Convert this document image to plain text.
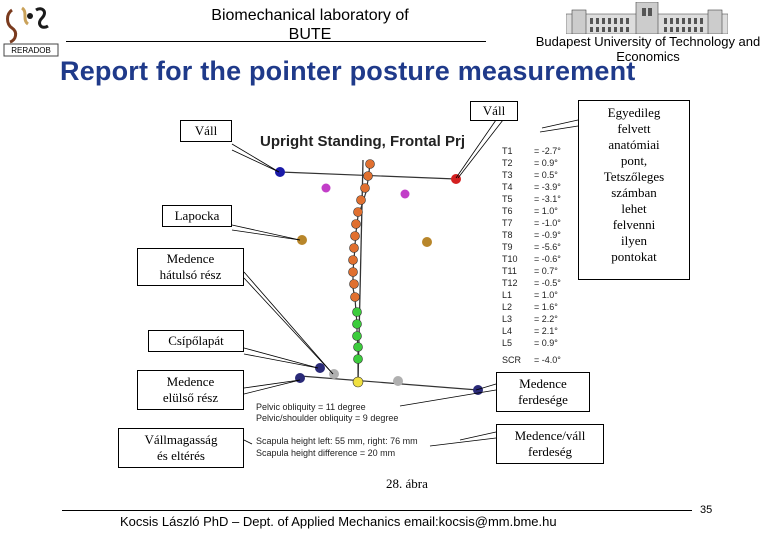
RERADOB
Biomechanical laboratory of
BUTE	Budapest University of Technology and
Economics
Report for the pointer posture measurement
Upright Standing, Frontal Prj
T1 = -2.7°
T2 = 0.9°
T3 = 0.5°
T4 = -3.9°
T5 = -3.1°
T6 = 1.0°
T7 = -1.0°
T8 = -0.9°
T9 = -5.6°
T10 = -0.6°
T11 = 0.7°
T12 = -0.5°
L1 = 1.0°
L2 = 1.6°
L3 = 2.2°
L4 = 2.1°
L5 = 0.9°
SCR = -4.0°
Pelvic obliquity = 11 degree
Pelvic/shoulder obliquity = 9 degree
Scapula height left: 55 mm, right: 76 mm
Scapula height difference = 20 mm
Váll
Váll
Lapocka
Medence
hátulsó rész
Csípőlapát
Medence
elülső rész
Vállmagasság
és eltérés
Egyedileg
felvett
anatómiai
pont,
Tetszőleges
számban
lehet
felvenni
ilyen
pontokat
Medence
ferdesége
Medence/váll
ferdeség
28. ábra
Kocsis László PhD – Dept. of Applied Mechanics email:kocsis@mm.bme.hu
35
